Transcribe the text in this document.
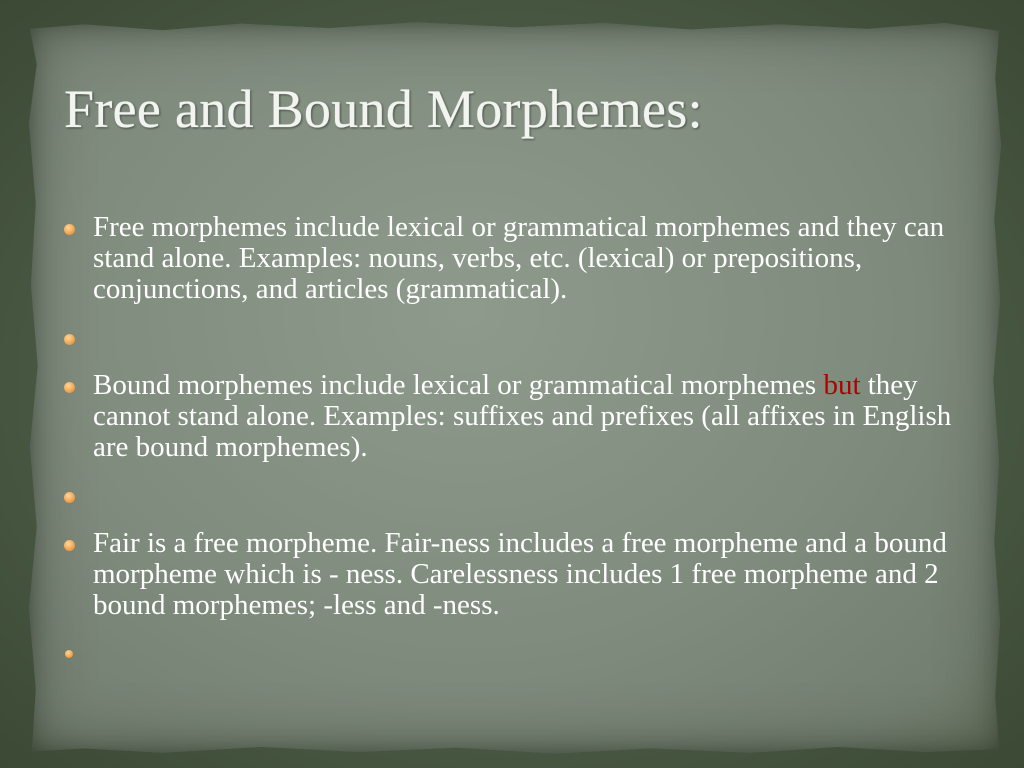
Free and Bound Morphemes:
Free morphemes include lexical or grammatical morphemes and they can stand alone. Examples: nouns, verbs, etc. (lexical) or prepositions, conjunctions, and articles (grammatical).
Bound morphemes include lexical or grammatical morphemes but they cannot stand alone. Examples: suffixes and prefixes (all affixes in English are bound morphemes).
Fair is a free morpheme. Fair-ness includes a free morpheme and a bound morpheme which is - ness. Carelessness includes 1 free morpheme and 2 bound morphemes; -less and -ness.
